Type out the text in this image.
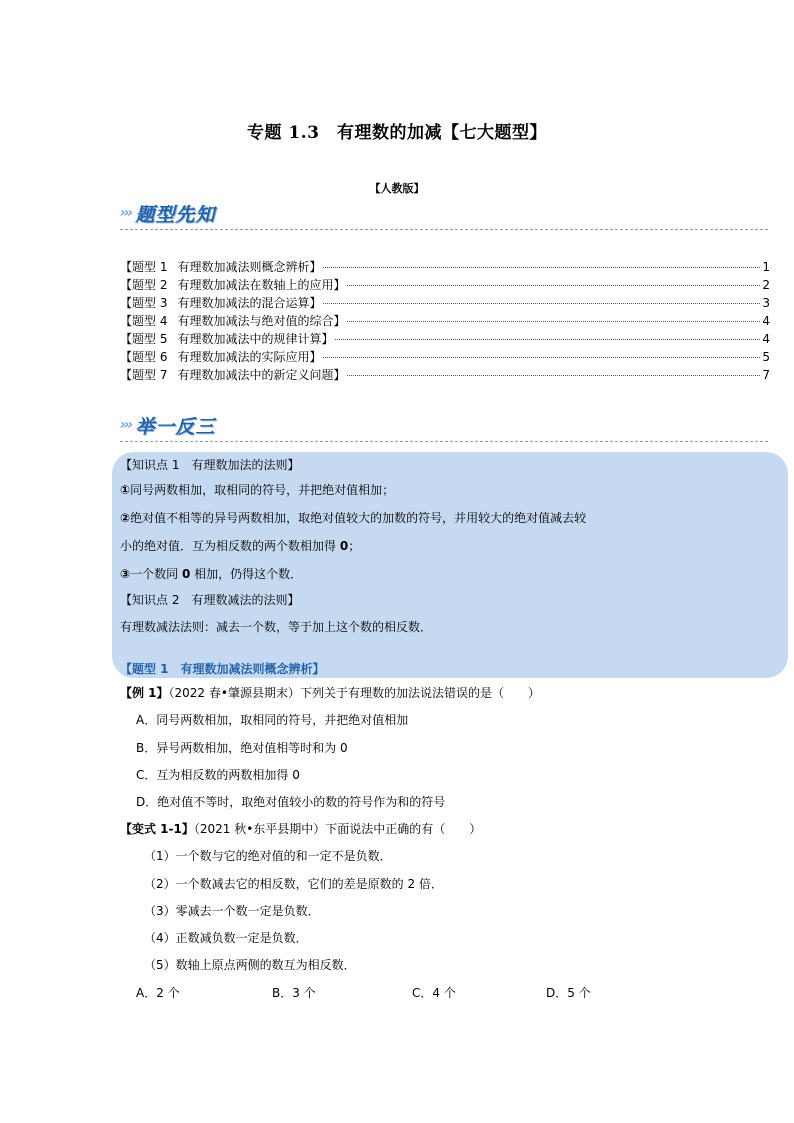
专题 1.3　有理数的加减【七大题型】
【人教版】
››› 题型先知
【题型 1 有理数加减法则概念辨析】	1
【题型 2 有理数加减法在数轴上的应用】	2
【题型 3 有理数加减法的混合运算】	3
【题型 4 有理数加减法与绝对值的综合】	4
【题型 5 有理数加减法中的规律计算】	4
【题型 6 有理数加减法的实际应用】	5
【题型 7 有理数加减法中的新定义问题】	7
››› 举一反三
【知识点 1　有理数加法的法则】
①同号两数相加，取相同的符号，并把绝对值相加；
②绝对值不相等的异号两数相加，取绝对值较大的加数的符号，并用较大的绝对值减去较
小的绝对值．互为相反数的两个数相加得 0；
③一个数同 0 相加，仍得这个数．
【知识点 2　有理数减法的法则】
有理数减法法则：减去一个数，等于加上这个数的相反数．
【题型 1　有理数加减法则概念辨析】
【例 1】（2022 春•肇源县期末）下列关于有理数的加法说法错误的是（　　）
A．同号两数相加，取相同的符号，并把绝对值相加
B．异号两数相加，绝对值相等时和为 0
C．互为相反数的两数相加得 0
D．绝对值不等时，取绝对值较小的数的符号作为和的符号
【变式 1-1】（2021 秋•东平县期中）下面说法中正确的有（　　）
（1）一个数与它的绝对值的和一定不是负数．
（2）一个数减去它的相反数，它们的差是原数的 2 倍．
（3）零减去一个数一定是负数．
（4）正数减负数一定是负数．
（5）数轴上原点两侧的数互为相反数．
A．2 个	B．3 个	C．4 个	D．5 个
